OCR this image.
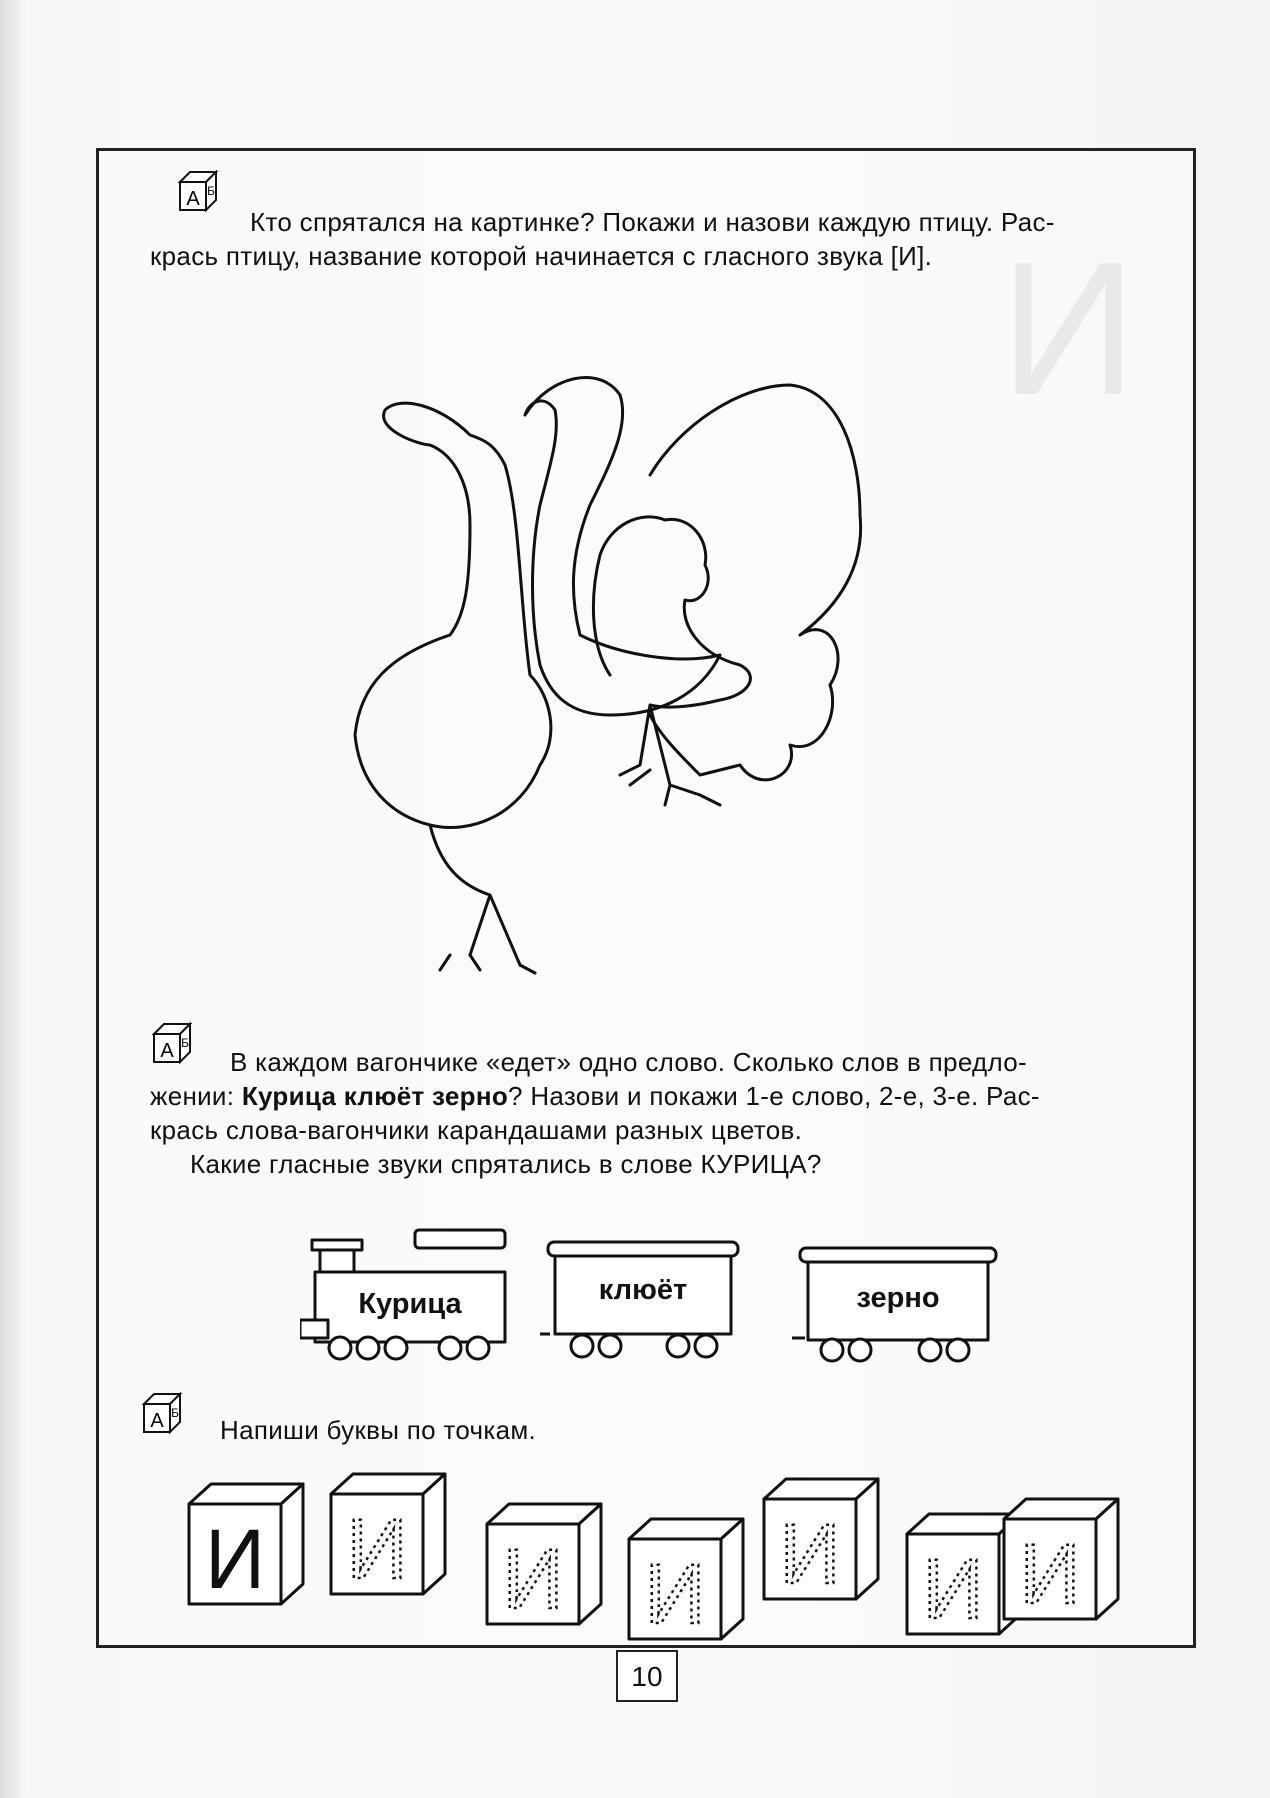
И
А Б
Кто спрятался на картинке? Покажи и назови каждую птицу. Рас-
крась птицу, название которой начинается с гласного звука [И].
А Б
В каждом вагончике «едет» одно слово. Сколько слов в предло-
жении: Курица клюёт зерно? Назови и покажи 1-е слово, 2-е, 3-е. Рас-
крась слова-вагончики карандашами разных цветов.
Какие гласные звуки спрятались в слове КУРИЦА?
Курица	клюёт	зерно
А Б
Напиши буквы по точкам.
И И И И И И И
10
